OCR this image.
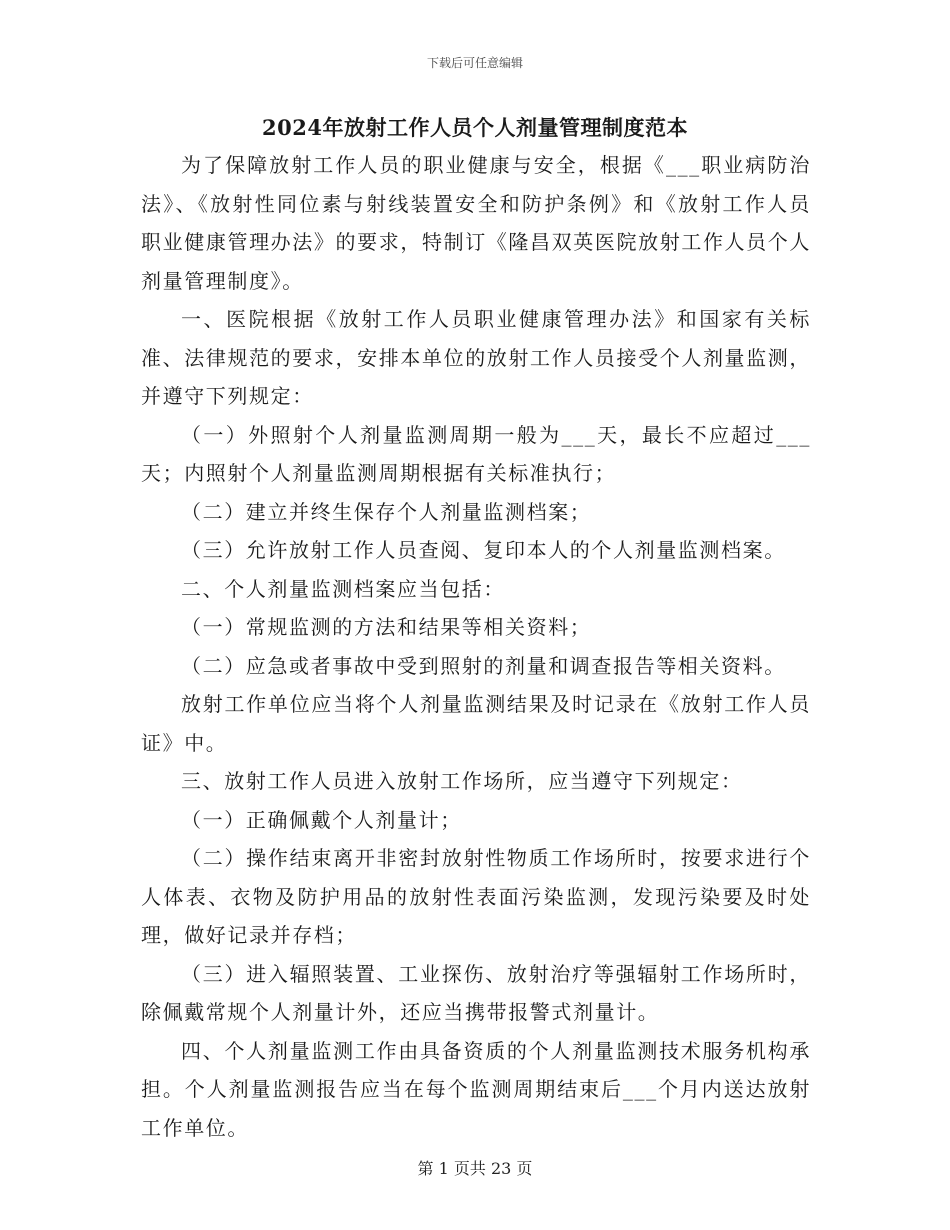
下载后可任意编辑
2024年放射工作人员个人剂量管理制度范本

为了保障放射工作人员的职业健康与安全，根据《___职业病防治法》、《放射性同位素与射线装置安全和防护条例》和《放射工作人员职业健康管理办法》的要求，特制订《隆昌双英医院放射工作人员个人剂量管理制度》。

一、医院根据《放射工作人员职业健康管理办法》和国家有关标准、法律规范的要求，安排本单位的放射工作人员接受个人剂量监测，并遵守下列规定：

（一）外照射个人剂量监测周期一般为___天，最长不应超过___天；内照射个人剂量监测周期根据有关标准执行；

（二）建立并终生保存个人剂量监测档案；

（三）允许放射工作人员查阅、复印本人的个人剂量监测档案。

二、个人剂量监测档案应当包括：

（一）常规监测的方法和结果等相关资料；

（二）应急或者事故中受到照射的剂量和调查报告等相关资料。

放射工作单位应当将个人剂量监测结果及时记录在《放射工作人员证》中。

三、放射工作人员进入放射工作场所，应当遵守下列规定：

（一）正确佩戴个人剂量计；

（二）操作结束离开非密封放射性物质工作场所时，按要求进行个人体表、衣物及防护用品的放射性表面污染监测，发现污染要及时处理，做好记录并存档；

（三）进入辐照装置、工业探伤、放射治疗等强辐射工作场所时，除佩戴常规个人剂量计外，还应当携带报警式剂量计。

四、个人剂量监测工作由具备资质的个人剂量监测技术服务机构承担。个人剂量监测报告应当在每个监测周期结束后___个月内送达放射工作单位。

第 1 页共 23 页
